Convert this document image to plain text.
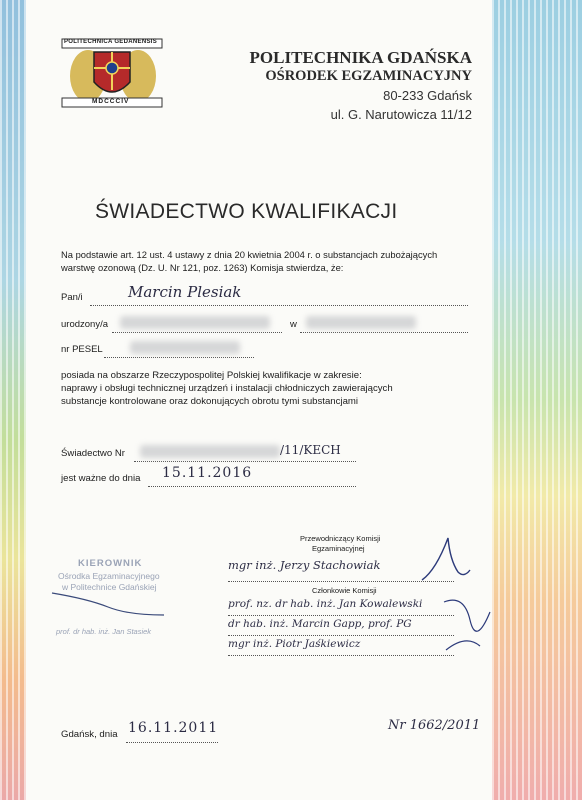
POLITECHNICA GEDANENSIS
MDCCCIV
POLITECHNIKA GDAŃSKA
OŚRODEK EGZAMINACYJNY
80-233 Gdańsk
ul. G. Narutowicza 11/12
ŚWIADECTWO KWALIFIKACJI
Na podstawie art. 12 ust. 4 ustawy z dnia 20 kwietnia 2004 r. o substancjach zubożających
warstwę ozonową (Dz. U. Nr 121, poz. 1263) Komisja stwierdza, że:
Pan/i	Marcin Plesiak
urodzony/a	w
nr PESEL
posiada na obszarze Rzeczypospolitej Polskiej kwalifikacje w zakresie:
naprawy i obsługi technicznej urządzeń i instalacji chłodniczych zawierających
substancje kontrolowane oraz dokonujących obrotu tymi substancjami
Świadectwo Nr	/11/KECH
jest ważne do dnia 15.11.2016
Przewodniczący Komisji
Egzaminacyjnej
mgr inż. Jerzy Stachowiak
Członkowie Komisji
prof. nz. dr hab. inż. Jan Kowalewski
dr hab. inż. Marcin Gapp, prof. PG
mgr inż. Piotr Jaśkiewicz
KIEROWNIK
Ośrodka Egzaminacyjnego
w Politechnice Gdańskiej
prof. dr hab. inż. Jan Stasiek
Gdańsk, dnia 16.11.2011	Nr 1662/2011
